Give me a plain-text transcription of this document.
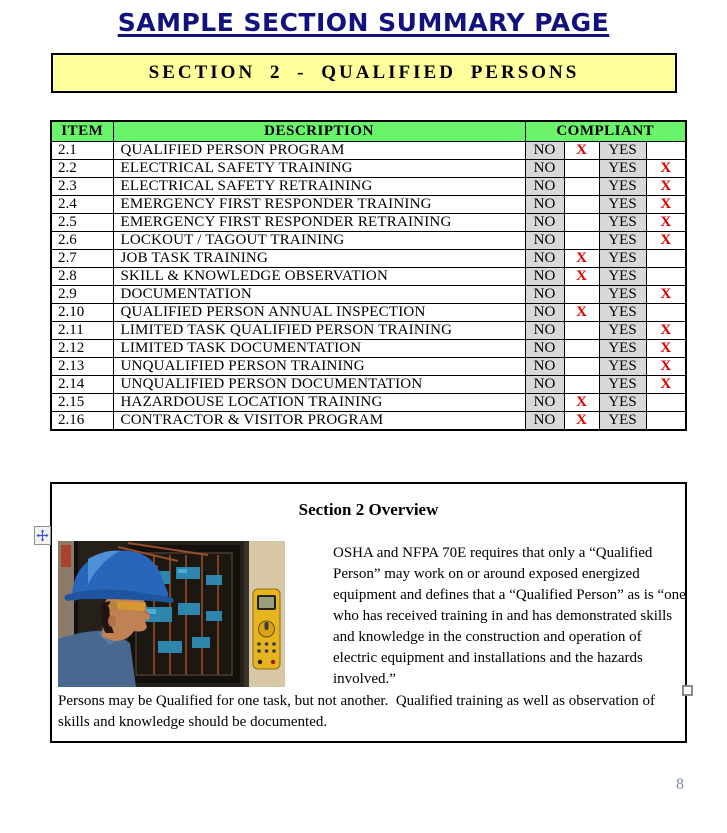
SAMPLE SECTION SUMMARY PAGE
SECTION 2 - QUALIFIED PERSONS
ITEM	DESCRIPTION	COMPLIANT			
2.1	QUALIFIED PERSON PROGRAM	NO	X	YES	
2.2	ELECTRICAL SAFETY TRAINING	NO		YES	X
2.3	ELECTRICAL SAFETY RETRAINING	NO		YES	X
2.4	EMERGENCY FIRST RESPONDER TRAINING	NO		YES	X
2.5	EMERGENCY FIRST RESPONDER RETRAINING	NO		YES	X
2.6	LOCKOUT / TAGOUT TRAINING	NO		YES	X
2.7	JOB TASK TRAINING	NO	X	YES	
2.8	SKILL & KNOWLEDGE OBSERVATION	NO	X	YES	
2.9	DOCUMENTATION	NO		YES	X
2.10	QUALIFIED PERSON ANNUAL INSPECTION	NO	X	YES	
2.11	LIMITED TASK QUALIFIED PERSON TRAINING	NO		YES	X
2.12	LIMITED TASK DOCUMENTATION	NO		YES	X
2.13	UNQUALIFIED PERSON TRAINING	NO		YES	X
2.14	UNQUALIFIED PERSON DOCUMENTATION	NO		YES	X
2.15	HAZARDOUSE LOCATION TRAINING	NO	X	YES	
2.16	CONTRACTOR & VISITOR PROGRAM	NO	X	YES	
Section 2 Overview
OSHA and NFPA 70E requires that only a “Qualified Person” may work on or around exposed energized equipment and defines that a “Qualified Person” as is “one who has received training in and has demonstrated skills and knowledge in the construction and operation of electric equipment and installations and the hazards involved.”
Persons may be Qualified for one task, but not another.  Qualified training as well as observation of skills and knowledge should be documented.
8
